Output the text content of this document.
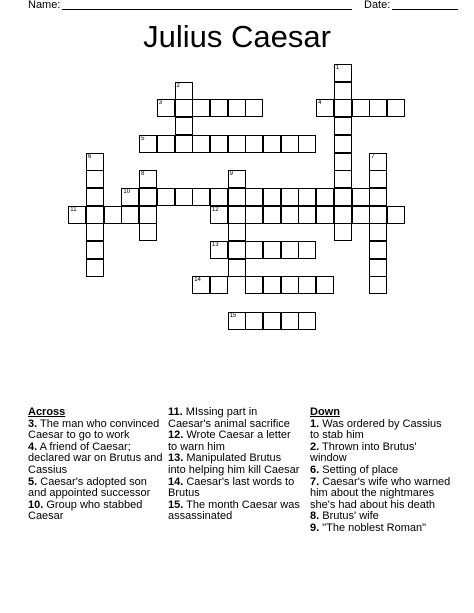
Name:	Date:
Julius Caesar
1
2
3	4
5
6	7
8	9
10
11	12
13
14
15
Across
3. The man who convinced Caesar to go to work
4. A friend of Caesar; declared war on Brutus and Cassius
5. Caesar's adopted son and appointed successor
10. Group who stabbed Caesar
11. MIssing part in Caesar's animal sacrifice
12. Wrote Caesar a letter to warn him
13. Manipulated Brutus into helping him kill Caesar
14. Caesar's last words to Brutus
15. The month Caesar was assassinated
Down
1. Was ordered by Cassius to stab him
2. Thrown into Brutus' window
6. Setting of place
7. Caesar's wife who warned him about the nightmares she's had about his death
8. Brutus' wife
9. "The noblest Roman"
